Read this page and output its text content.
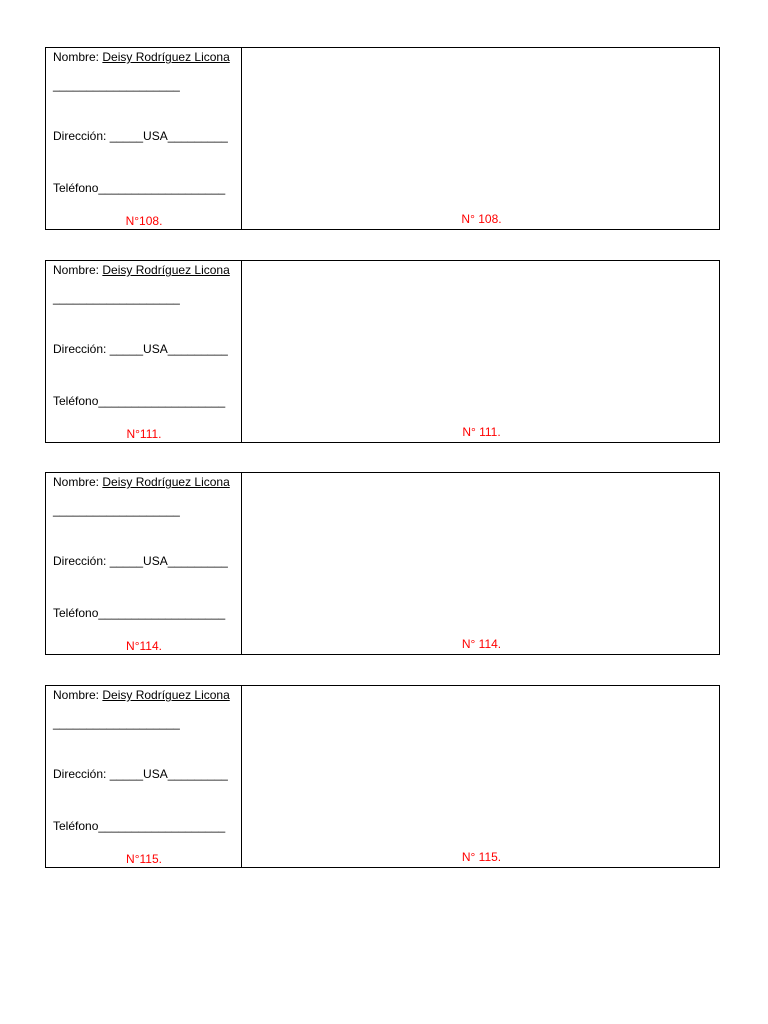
Nombre: Deisy Rodríguez Licona
___________________
Dirección: _____USA_________
Teléfono___________________
N°108.	N° 108.
Nombre: Deisy Rodríguez Licona
___________________
Dirección: _____USA_________
Teléfono___________________
N°111.	N° 111.
Nombre: Deisy Rodríguez Licona
___________________
Dirección: _____USA_________
Teléfono___________________
N°114.	N° 114.
Nombre: Deisy Rodríguez Licona
___________________
Dirección: _____USA_________
Teléfono___________________
N°115.	N° 115.
